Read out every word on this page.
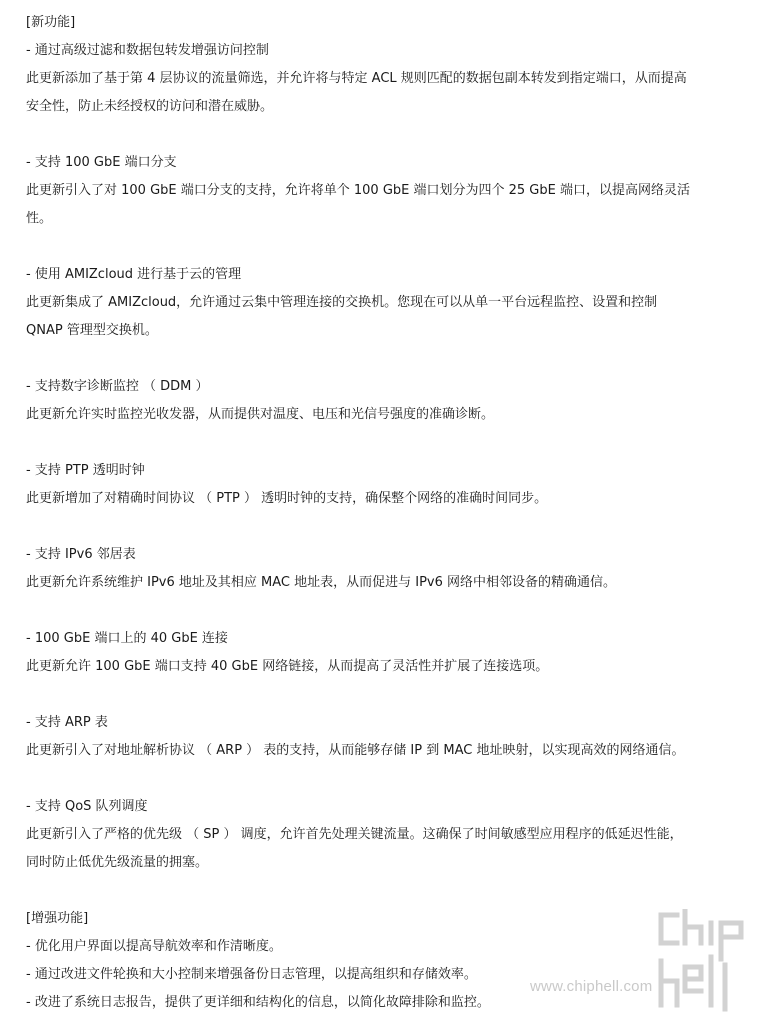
[新功能]
- 通过高级过滤和数据包转发增强访问控制
此更新添加了基于第 4 层协议的流量筛选，并允许将与特定 ACL 规则匹配的数据包副本转发到指定端口，从而提高
安全性，防止未经授权的访问和潜在威胁。
- 支持 100 GbE 端口分支
此更新引入了对 100 GbE 端口分支的支持，允许将单个 100 GbE 端口划分为四个 25 GbE 端口，以提高网络灵活
性。
- 使用 AMIZcloud 进行基于云的管理
此更新集成了 AMIZcloud，允许通过云集中管理连接的交换机。您现在可以从单一平台远程监控、设置和控制
QNAP 管理型交换机。
- 支持数字诊断监控 （ DDM ）
此更新允许实时监控光收发器，从而提供对温度、电压和光信号强度的准确诊断。
- 支持 PTP 透明时钟
此更新增加了对精确时间协议 （ PTP ） 透明时钟的支持，确保整个网络的准确时间同步。
- 支持 IPv6 邻居表
此更新允许系统维护 IPv6 地址及其相应 MAC 地址表，从而促进与 IPv6 网络中相邻设备的精确通信。
- 100 GbE 端口上的 40 GbE 连接
此更新允许 100 GbE 端口支持 40 GbE 网络链接，从而提高了灵活性并扩展了连接选项。
- 支持 ARP 表
此更新引入了对地址解析协议 （ ARP ） 表的支持，从而能够存储 IP 到 MAC 地址映射，以实现高效的网络通信。
- 支持 QoS 队列调度
此更新引入了严格的优先级 （ SP ） 调度，允许首先处理关键流量。这确保了时间敏感型应用程序的低延迟性能，
同时防止低优先级流量的拥塞。
[增强功能]
- 优化用户界面以提高导航效率和作清晰度。
- 通过改进文件轮换和大小控制来增强备份日志管理，以提高组织和存储效率。
- 改进了系统日志报告，提供了更详细和结构化的信息，以简化故障排除和监控。
www.chiphell.com
